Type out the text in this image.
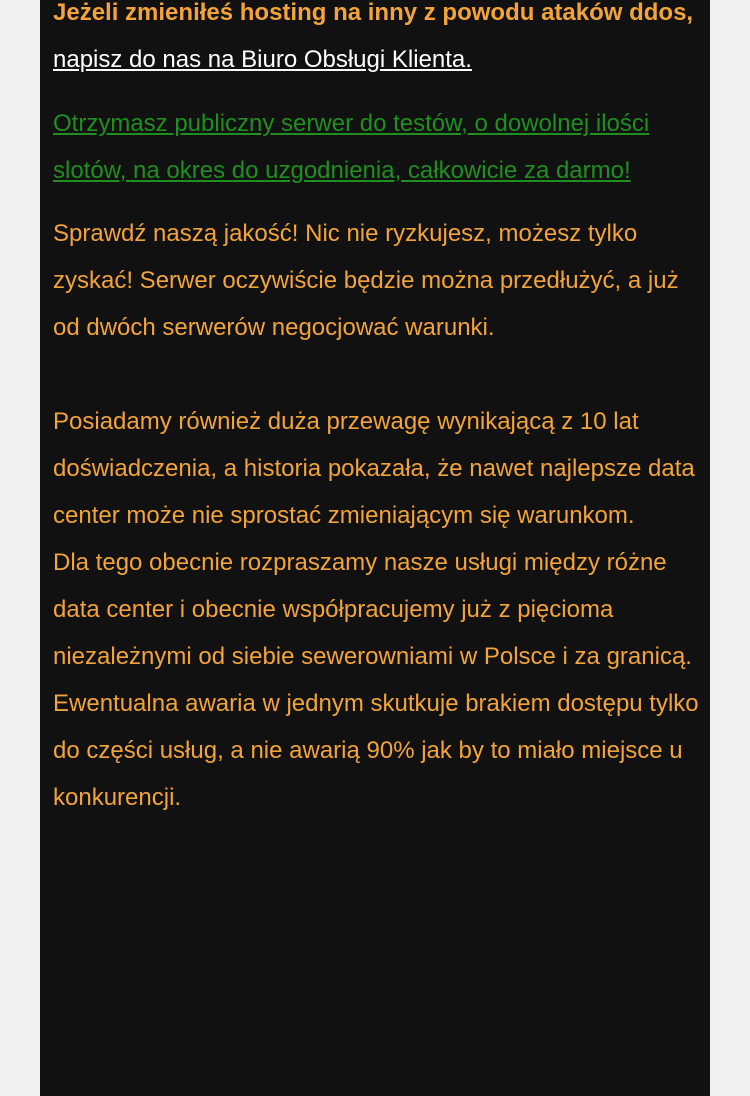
Jeżeli zmieniłeś hosting na inny z powodu ataków ddos, napisz do nas na Biuro Obsługi Klienta.

Otrzymasz publiczny serwer do testów, o dowolnej ilości slotów, na okres do uzgodnienia, całkowicie za darmo!

Sprawdź naszą jakość! Nic nie ryzkujesz, możesz tylko zyskać! Serwer oczywiście będzie można przedłużyć, a już od dwóch serwerów negocjować warunki.

Posiadamy również duża przewagę wynikającą z 10 lat doświadczenia, a historia pokazała, że nawet najlepsze data center może nie sprostać zmieniającym się warunkom.

Dla tego obecnie rozpraszamy nasze usługi między różne data center i obecnie współpracujemy już z pięcioma niezależnymi od siebie sewerowniami w Polsce i za granicą.

Ewentualna awaria w jednym skutkuje brakiem dostępu tylko do części usług, a nie awarią 90% jak by to miało miejsce u konkurencji.
